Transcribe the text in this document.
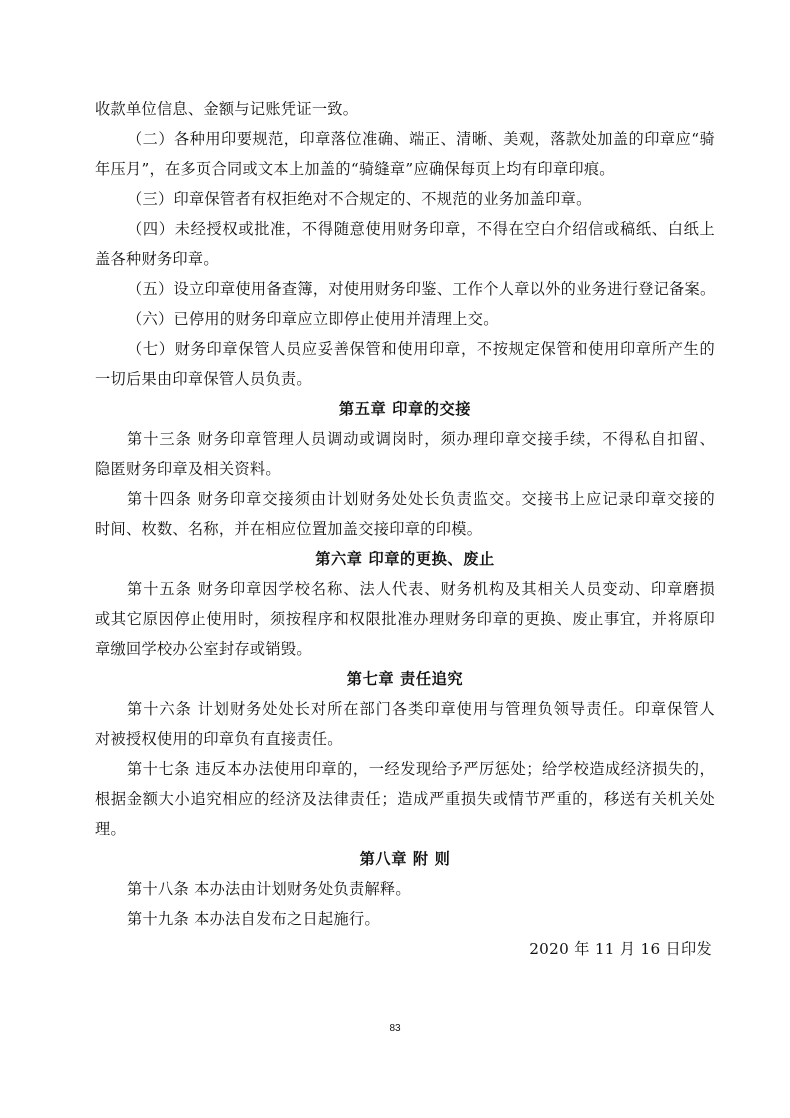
收款单位信息、金额与记账凭证一致。
（二）各种用印要规范，印章落位准确、端正、清晰、美观，落款处加盖的印章应“骑
年压月”，在多页合同或文本上加盖的“骑缝章”应确保每页上均有印章印痕。
（三）印章保管者有权拒绝对不合规定的、不规范的业务加盖印章。
（四）未经授权或批准，不得随意使用财务印章，不得在空白介绍信或稿纸、白纸上
盖各种财务印章。
（五）设立印章使用备查簿，对使用财务印鉴、工作个人章以外的业务进行登记备案。
（六）已停用的财务印章应立即停止使用并清理上交。
（七）财务印章保管人员应妥善保管和使用印章，不按规定保管和使用印章所产生的
一切后果由印章保管人员负责。
第五章 印章的交接
第十三条 财务印章管理人员调动或调岗时，须办理印章交接手续，不得私自扣留、
隐匿财务印章及相关资料。
第十四条 财务印章交接须由计划财务处处长负责监交。交接书上应记录印章交接的
时间、枚数、名称，并在相应位置加盖交接印章的印模。
第六章 印章的更换、废止
第十五条 财务印章因学校名称、法人代表、财务机构及其相关人员变动、印章磨损
或其它原因停止使用时，须按程序和权限批准办理财务印章的更换、废止事宜，并将原印
章缴回学校办公室封存或销毁。
第七章 责任追究
第十六条 计划财务处处长对所在部门各类印章使用与管理负领导责任。印章保管人
对被授权使用的印章负有直接责任。
第十七条 违反本办法使用印章的，一经发现给予严厉惩处；给学校造成经济损失的，
根据金额大小追究相应的经济及法律责任；造成严重损失或情节严重的，移送有关机关处
理。
第八章 附 则
第十八条 本办法由计划财务处负责解释。
第十九条 本办法自发布之日起施行。
2020 年 11 月 16 日印发
83
